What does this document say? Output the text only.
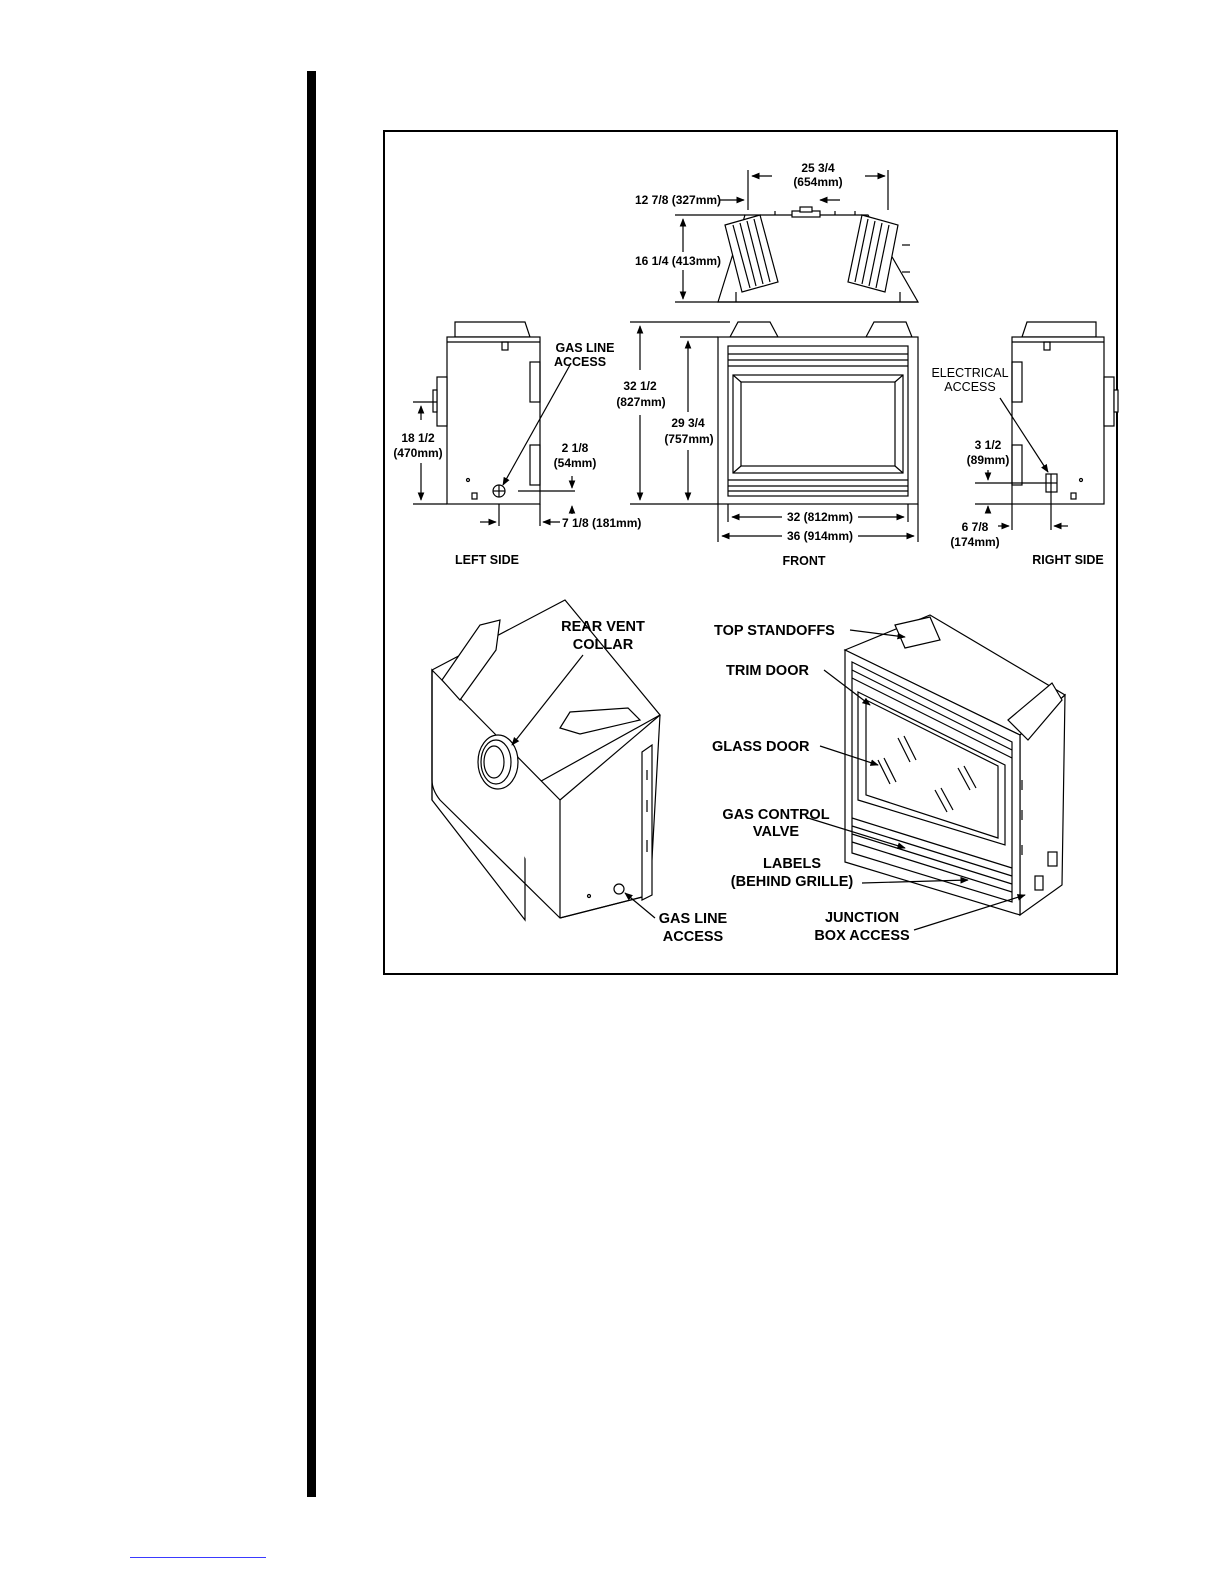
25 3/4
(654mm)
12 7/8 (327mm)
16 1/4 (413mm)
32 1/2
(827mm)
29 3/4
(757mm)
32 (812mm)
36 (914mm)
18 1/2
(470mm)	2 1/8
(54mm)
7 1/8 (181mm)
GAS LINE
ACCESS
ELECTRICAL
ACCESS
3 1/2
(89mm)
6 7/8
(174mm)
LEFT SIDE	FRONT	RIGHT SIDE
REAR VENT
COLLAR
GAS LINE
ACCESS
TOP STANDOFFS
TRIM DOOR
GLASS DOOR
GAS CONTROL
VALVE
LABELS
(BEHIND GRILLE)
JUNCTION
BOX ACCESS
